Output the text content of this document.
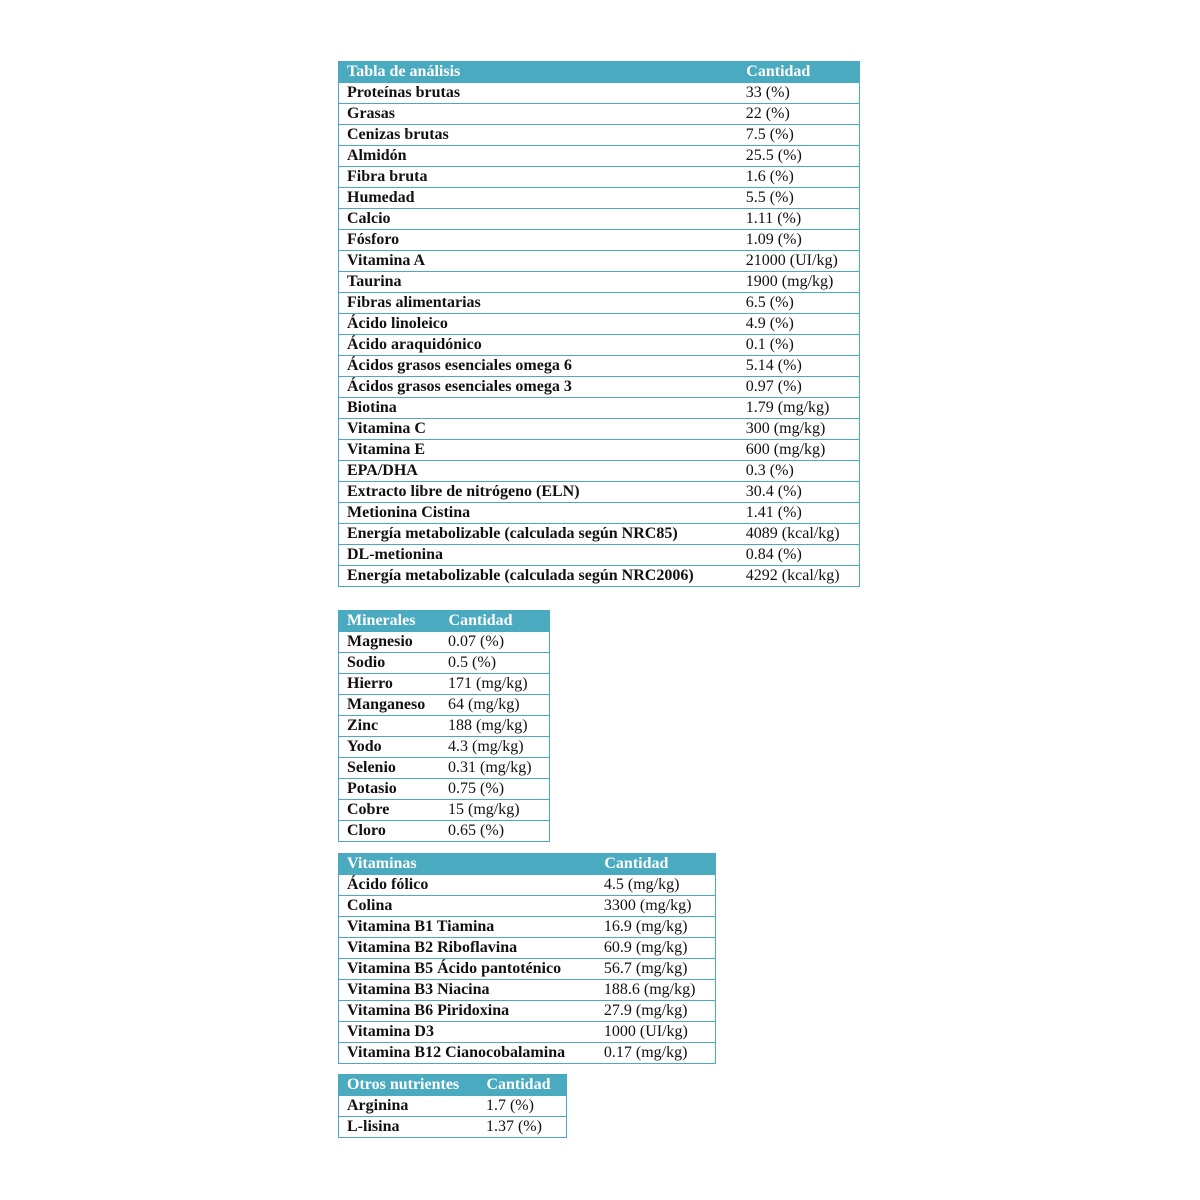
Tabla de análisis	Cantidad
Proteínas brutas	33 (%)
Grasas	22 (%)
Cenizas brutas	7.5 (%)
Almidón	25.5 (%)
Fibra bruta	1.6 (%)
Humedad	5.5 (%)
Calcio	1.11 (%)
Fósforo	1.09 (%)
Vitamina A	21000 (UI/kg)
Taurina	1900 (mg/kg)
Fibras alimentarias	6.5 (%)
Ácido linoleico	4.9 (%)
Ácido araquidónico	0.1 (%)
Ácidos grasos esenciales omega 6	5.14 (%)
Ácidos grasos esenciales omega 3	0.97 (%)
Biotina	1.79 (mg/kg)
Vitamina C	300 (mg/kg)
Vitamina E	600 (mg/kg)
EPA/DHA	0.3 (%)
Extracto libre de nitrógeno (ELN)	30.4 (%)
Metionina Cistina	1.41 (%)
Energía metabolizable (calculada según NRC85)	4089 (kcal/kg)
DL-metionina	0.84 (%)
Energía metabolizable (calculada según NRC2006)	4292 (kcal/kg)
Minerales	Cantidad
Magnesio	0.07 (%)
Sodio	0.5 (%)
Hierro	171 (mg/kg)
Manganeso	64 (mg/kg)
Zinc	188 (mg/kg)
Yodo	4.3 (mg/kg)
Selenio	0.31 (mg/kg)
Potasio	0.75 (%)
Cobre	15 (mg/kg)
Cloro	0.65 (%)
Vitaminas	Cantidad
Ácido fólico	4.5 (mg/kg)
Colina	3300 (mg/kg)
Vitamina B1 Tiamina	16.9 (mg/kg)
Vitamina B2 Riboflavina	60.9 (mg/kg)
Vitamina B5 Ácido pantoténico	56.7 (mg/kg)
Vitamina B3 Niacina	188.6 (mg/kg)
Vitamina B6 Piridoxina	27.9 (mg/kg)
Vitamina D3	1000 (UI/kg)
Vitamina B12 Cianocobalamina	0.17 (mg/kg)
Otros nutrientes	Cantidad
Arginina	1.7 (%)
L-lisina	1.37 (%)
